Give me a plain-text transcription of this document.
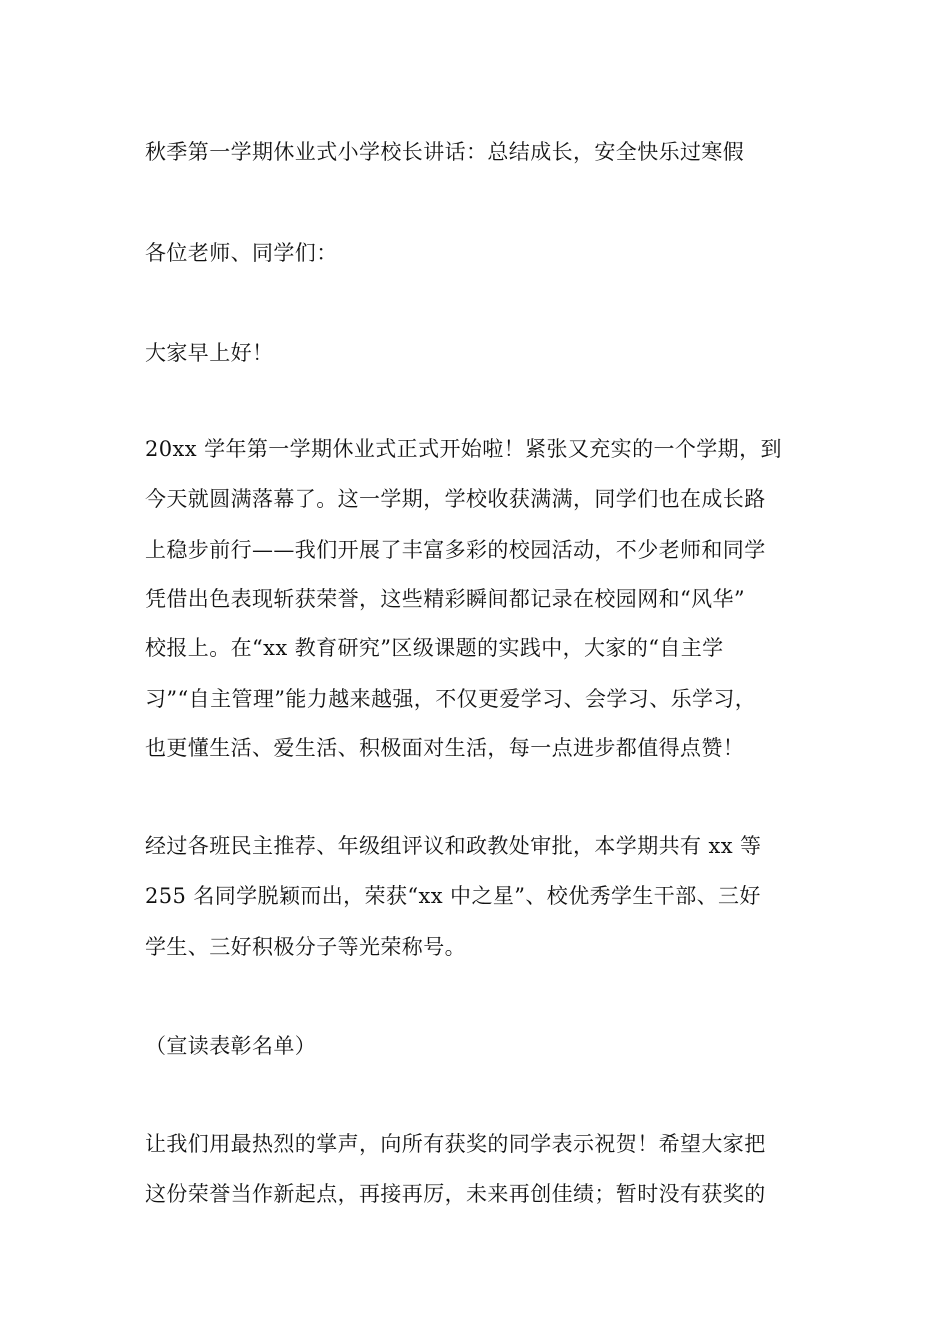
秋季第一学期休业式小学校长讲话：总结成长，安全快乐过寒假
各位老师、同学们：
大家早上好！
20xx 学年第一学期休业式正式开始啦！紧张又充实的一个学期，到
今天就圆满落幕了。这一学期，学校收获满满，同学们也在成长路
上稳步前行——我们开展了丰富多彩的校园活动，不少老师和同学
凭借出色表现斩获荣誉，这些精彩瞬间都记录在校园网和“风华”
校报上。在“xx 教育研究”区级课题的实践中，大家的“自主学
习”“自主管理”能力越来越强，不仅更爱学习、会学习、乐学习，
也更懂生活、爱生活、积极面对生活，每一点进步都值得点赞！
经过各班民主推荐、年级组评议和政教处审批，本学期共有 xx 等
255 名同学脱颖而出，荣获“xx 中之星”、校优秀学生干部、三好
学生、三好积极分子等光荣称号。
（宣读表彰名单）
让我们用最热烈的掌声，向所有获奖的同学表示祝贺！希望大家把
这份荣誉当作新起点，再接再厉，未来再创佳绩；暂时没有获奖的
